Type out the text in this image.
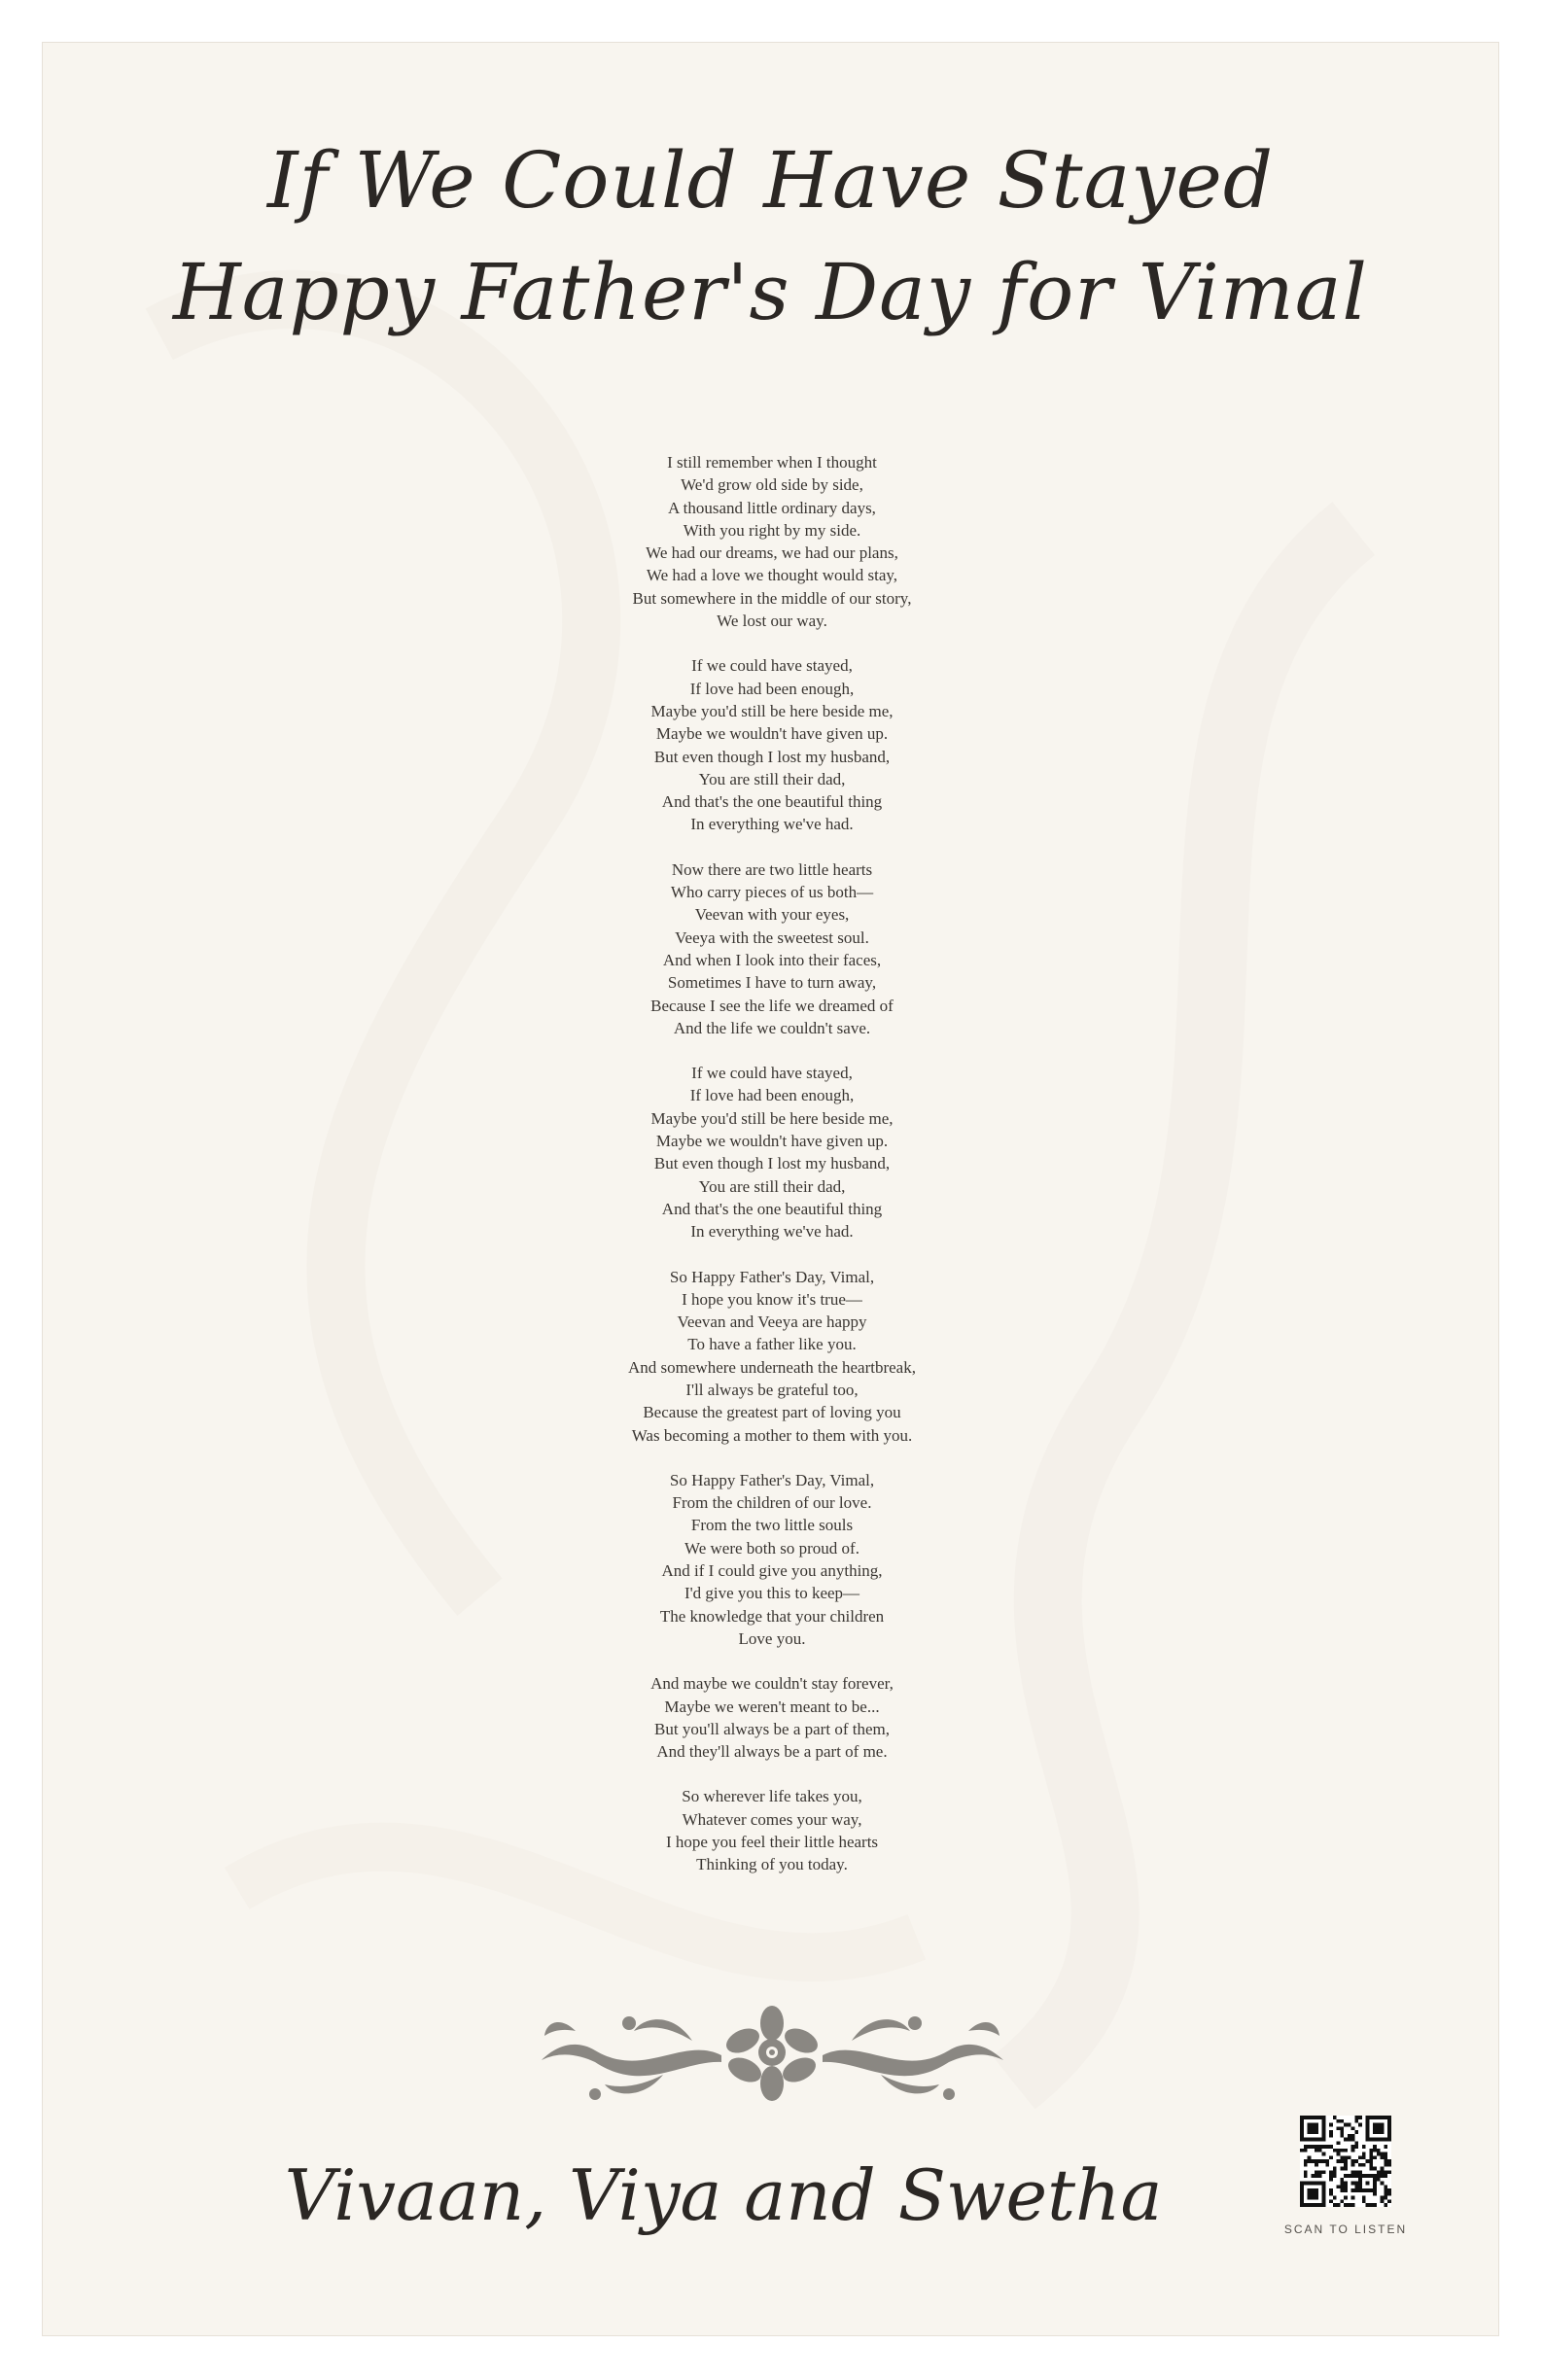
If We Could Have Stayed
Happy Father's Day for Vimal
I still remember when I thought
We'd grow old side by side,
A thousand little ordinary days,
With you right by my side.
We had our dreams, we had our plans,
We had a love we thought would stay,
But somewhere in the middle of our story,
We lost our way.
If we could have stayed,
If love had been enough,
Maybe you'd still be here beside me,
Maybe we wouldn't have given up.
But even though I lost my husband,
You are still their dad,
And that's the one beautiful thing
In everything we've had.
Now there are two little hearts
Who carry pieces of us both—
Veevan with your eyes,
Veeya with the sweetest soul.
And when I look into their faces,
Sometimes I have to turn away,
Because I see the life we dreamed of
And the life we couldn't save.
If we could have stayed,
If love had been enough,
Maybe you'd still be here beside me,
Maybe we wouldn't have given up.
But even though I lost my husband,
You are still their dad,
And that's the one beautiful thing
In everything we've had.
So Happy Father's Day, Vimal,
I hope you know it's true—
Veevan and Veeya are happy
To have a father like you.
And somewhere underneath the heartbreak,
I'll always be grateful too,
Because the greatest part of loving you
Was becoming a mother to them with you.
So Happy Father's Day, Vimal,
From the children of our love.
From the two little souls
We were both so proud of.
And if I could give you anything,
I'd give you this to keep—
The knowledge that your children
Love you.
And maybe we couldn't stay forever,
Maybe we weren't meant to be...
But you'll always be a part of them,
And they'll always be a part of me.
So wherever life takes you,
Whatever comes your way,
I hope you feel their little hearts
Thinking of you today.
Vivaan, Viya and Swetha	SCAN TO LISTEN
